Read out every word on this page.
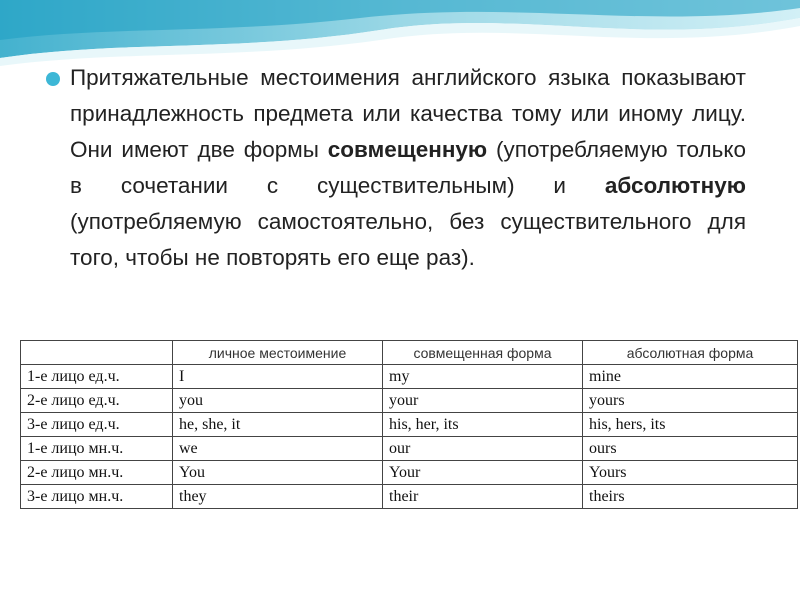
Притяжательные местоимения английского языка показывают принадлежность предмета или качества тому или иному лицу. Они имеют две формы совмещенную (употребляемую только в сочетании с существительным) и абсолютную (употребляемую самостоятельно, без существительного для того, чтобы не повторять его еще раз).
	личное местоимение	совмещенная форма	абсолютная форма
1-е лицо ед.ч.	I	my	mine
2-е лицо ед.ч.	you	your	yours
3-е лицо ед.ч.	he, she, it	his, her, its	his, hers, its
1-е лицо мн.ч.	we	our	ours
2-е лицо мн.ч.	You	Your	Yours
3-е лицо мн.ч.	they	their	theirs
